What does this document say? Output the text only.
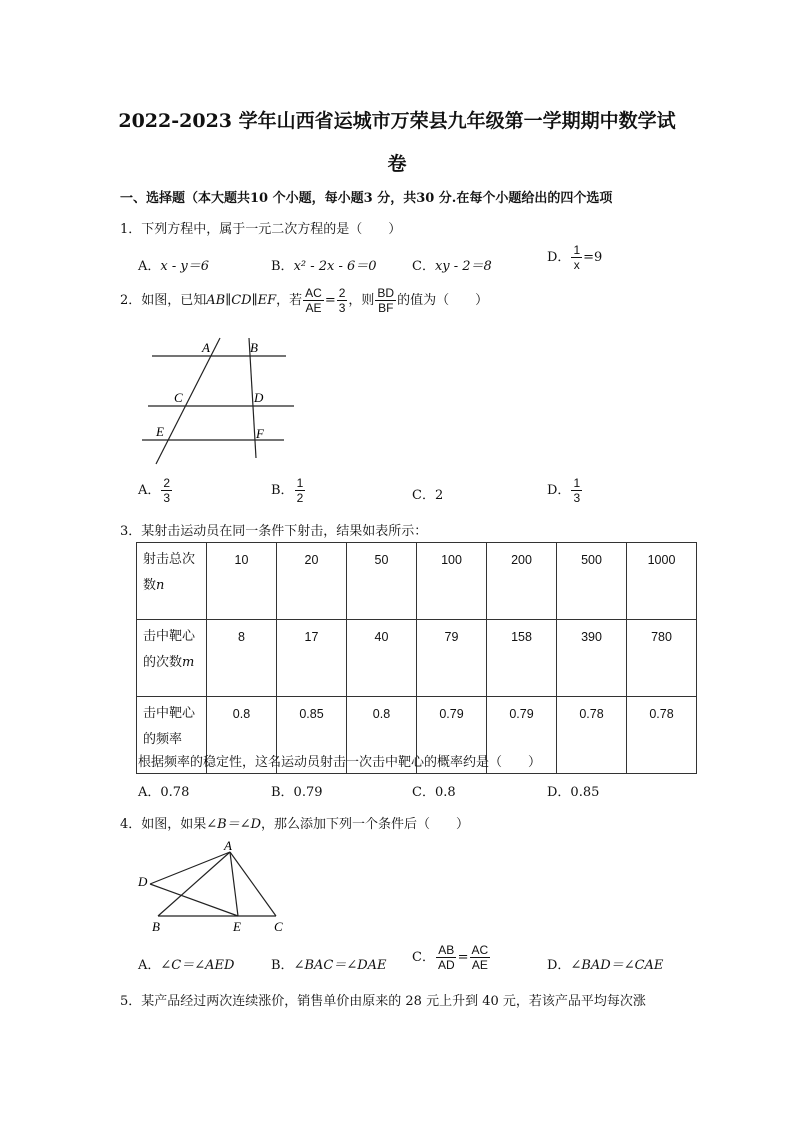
2022-2023 学年山西省运城市万荣县九年级第一学期期中数学试
卷
一、选择题（本大题共10 个小题，每小题3 分，共30 分.在每个小题给出的四个选项
1．下列方程中，属于一元二次方程的是（　　）
A．x - y＝6	B．x² - 2x - 6＝0	C．xy - 2＝8
D． $\frac{1}{x} =9$
2．如图，已知AB∥CD∥EF，若 $\frac{AC}{AE} = \frac{2}{3}$ ，则 $\frac{BD}{BF}$ 的值为（　　）
A	B
C	D
E	F
A． $\frac{2}{3}$	B． $\frac{1}{2}$	C．2	D． $\frac{1}{3}$
3．某射击运动员在同一条件下射击，结果如表所示：
射击总次
数n	10	20	50	100	200	500	1000
击中靶心
的次数m	8	17	40	79	158	390	780
击中靶心
的频率	0.8	0.85	0.8	0.79	0.79	0.78	0.78
根据频率的稳定性，这名运动员射击一次击中靶心的概率约是（　　）
A．0.78	B．0.79	C．0.8	D．0.85
4．如图，如果∠B＝∠D，那么添加下列一个条件后（　　）
A
B	C
D
E
A．∠C＝∠AED	B．∠BAC＝∠DAE
C． $\frac{AB}{AD} = \frac{AC}{AE}$	D．∠BAD＝∠CAE
5．某产品经过两次连续涨价，销售单价由原来的 28 元上升到 40 元，若该产品平均每次涨
